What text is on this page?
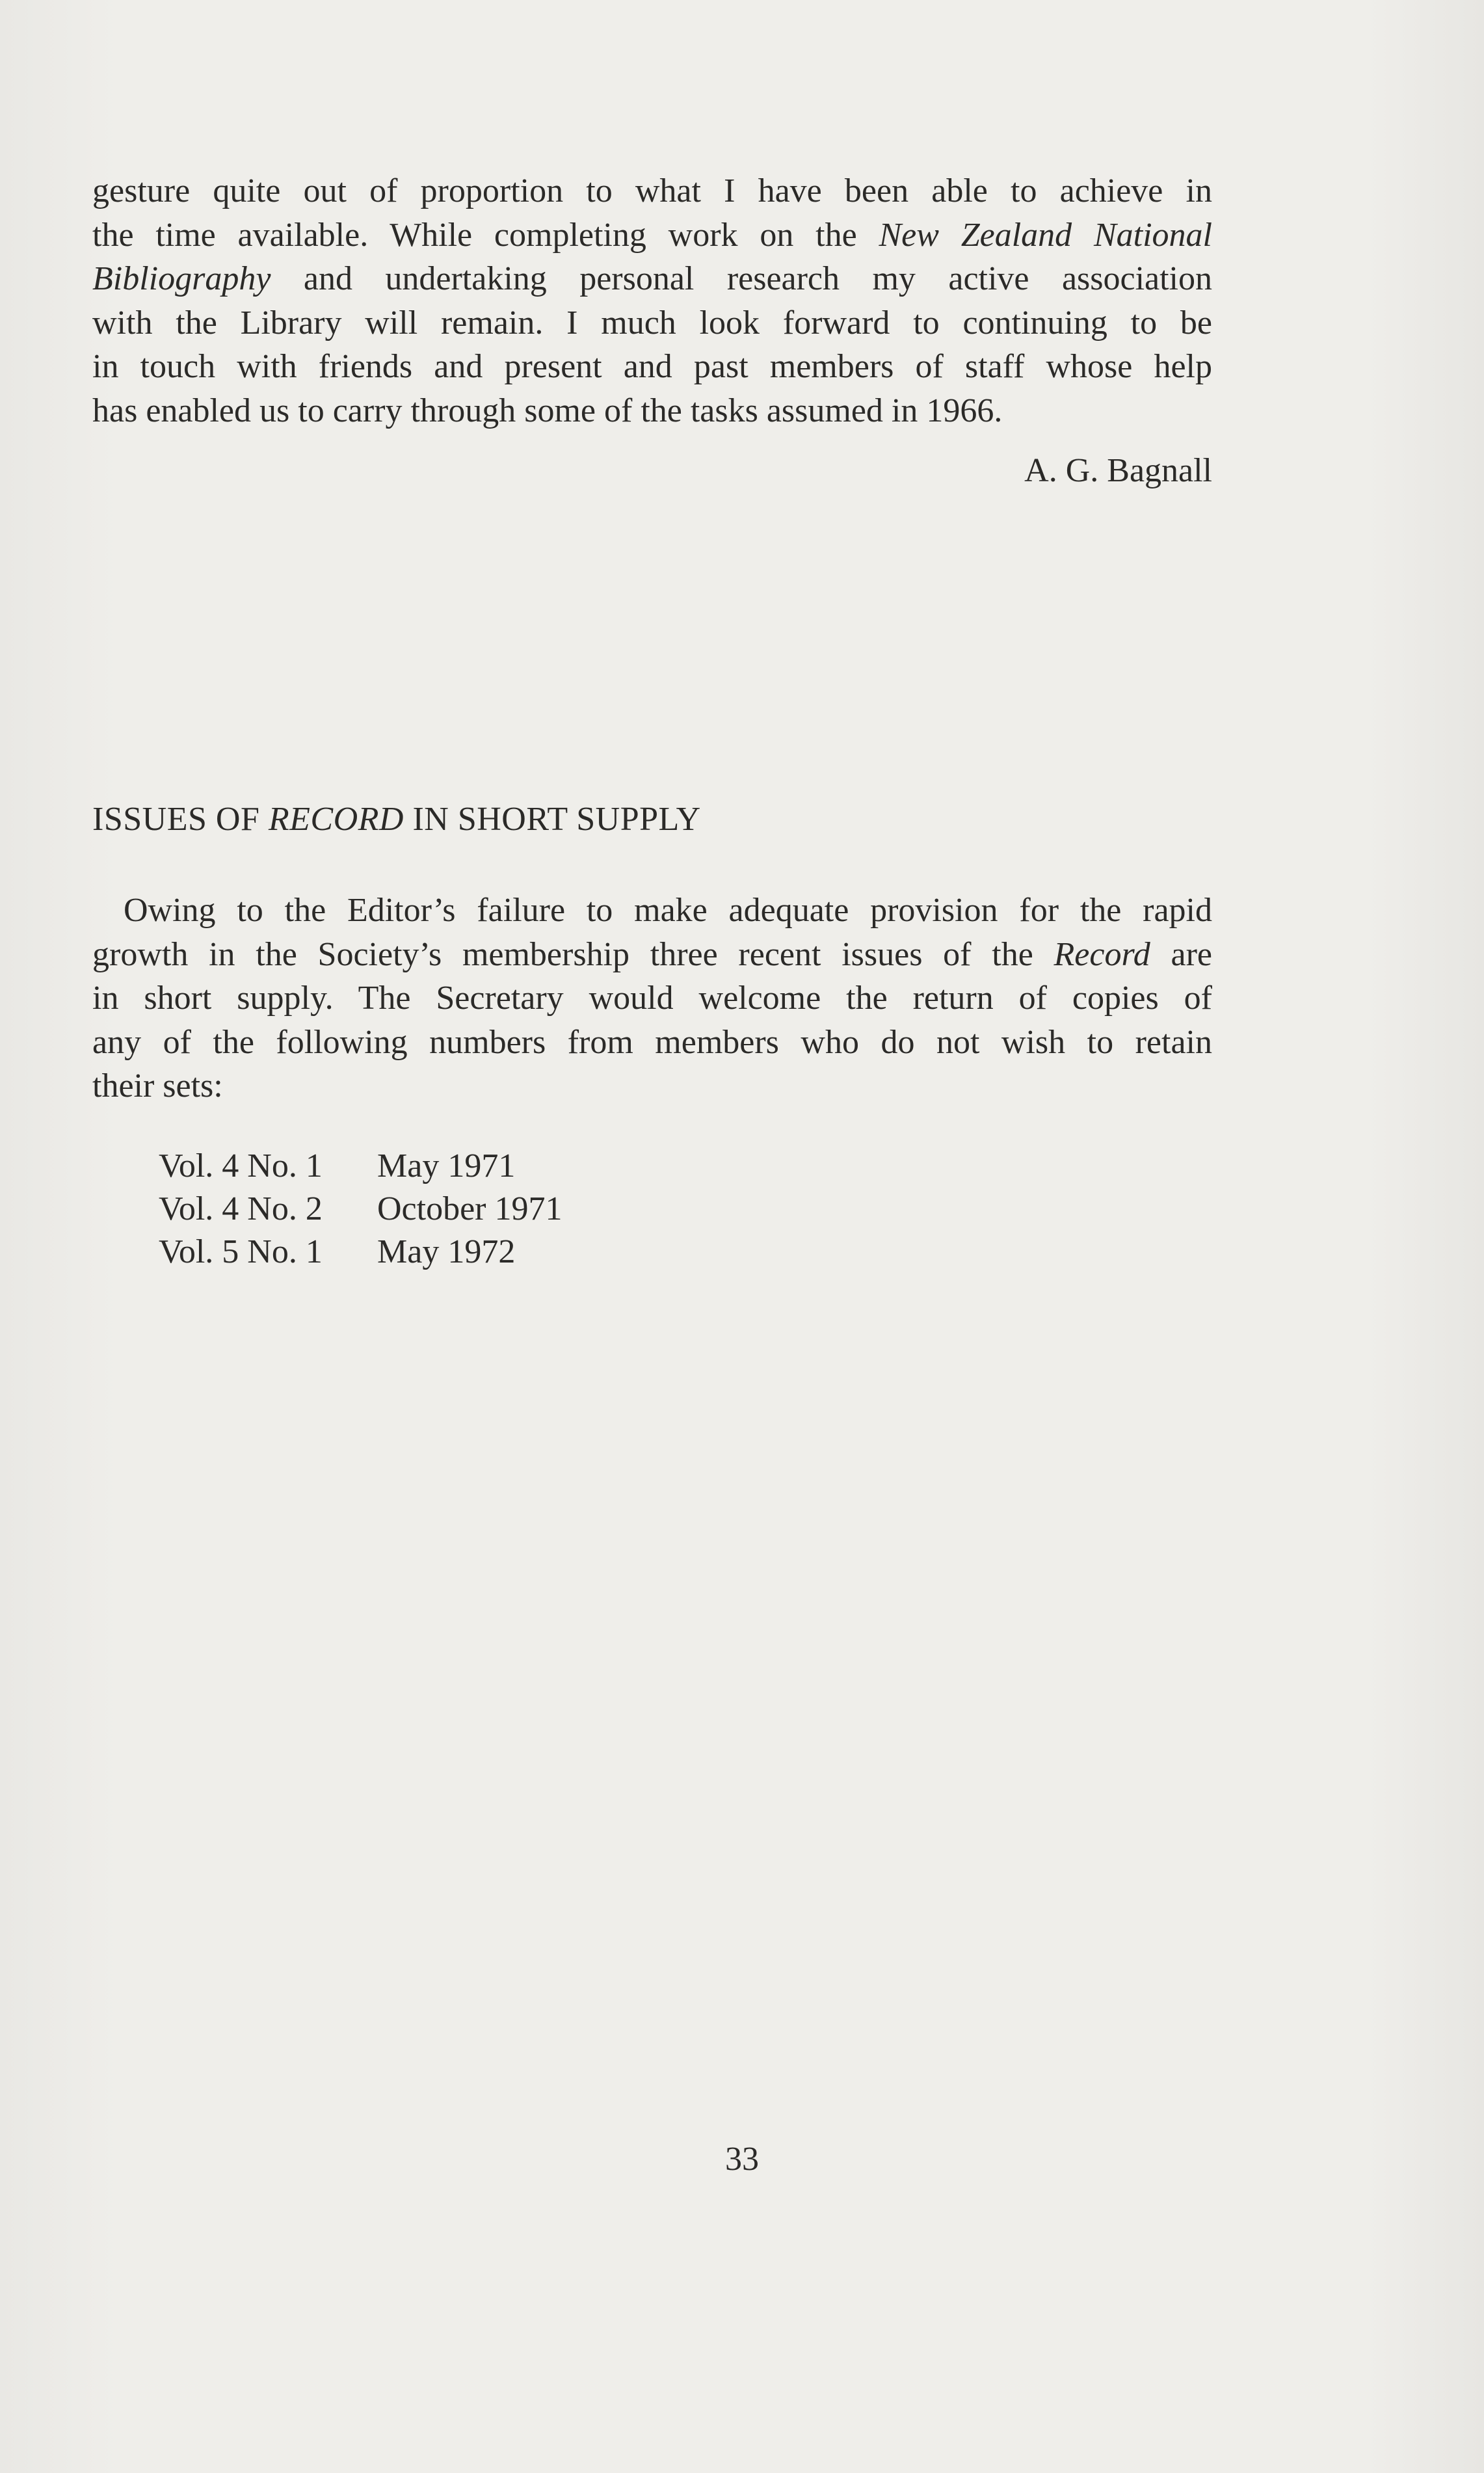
gesture quite out of proportion to what I have been able to achieve in
the time available. While completing work on the New Zealand National
Bibliography and undertaking personal research my active association
with the Library will remain. I much look forward to continuing to be
in touch with friends and present and past members of staff whose help
has enabled us to carry through some of the tasks assumed in 1966.

A. G. Bagnall
ISSUES OF RECORD IN SHORT SUPPLY

Owing to the Editor’s failure to make adequate provision for the rapid
growth in the Society’s membership three recent issues of the Record are
in short supply. The Secretary would welcome the return of copies of
any of the following numbers from members who do not wish to retain
their sets:

Vol. 4 No. 1	May 1971
Vol. 4 No. 2	October 1971
Vol. 5 No. 1	May 1972
33
